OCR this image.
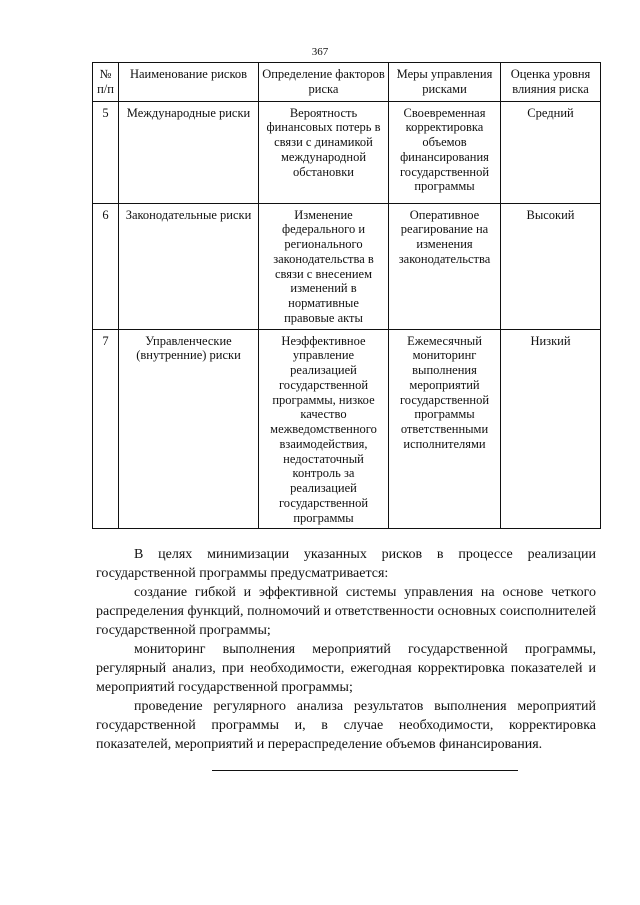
367
№ п/п	Наименование рисков	Определение факторов риска	Меры управления рисками	Оценка уровня влияния риска
5	Международные риски	Вероятность финансовых потерь в связи с динамикой международной обстановки	Своевременная корректировка объемов финансирования государственной программы	Средний
6	Законодательные риски	Изменение федерального и регионального законодательства в связи с внесением изменений в нормативные правовые акты	Оперативное реагирование на изменения законодательства	Высокий
7	Управленческие (внутренние) риски	Неэффективное управление реализацией государственной программы, низкое качество межведомственного взаимодействия, недостаточный контроль за реализацией государственной программы	Ежемесячный мониторинг выполнения мероприятий государственной программы ответственными исполнителями	Низкий

В целях минимизации указанных рисков в процессе реализации государственной программы предусматривается:

создание гибкой и эффективной системы управления на основе четкого распределения функций, полномочий и ответственности основных соисполнителей государственной программы;

мониторинг выполнения мероприятий государственной программы, регулярный анализ, при необходимости, ежегодная корректировка показателей и мероприятий государственной программы;

проведение регулярного анализа результатов выполнения мероприятий государственной программы и, в случае необходимости, корректировка показателей, мероприятий и перераспределение объемов финансирования.
